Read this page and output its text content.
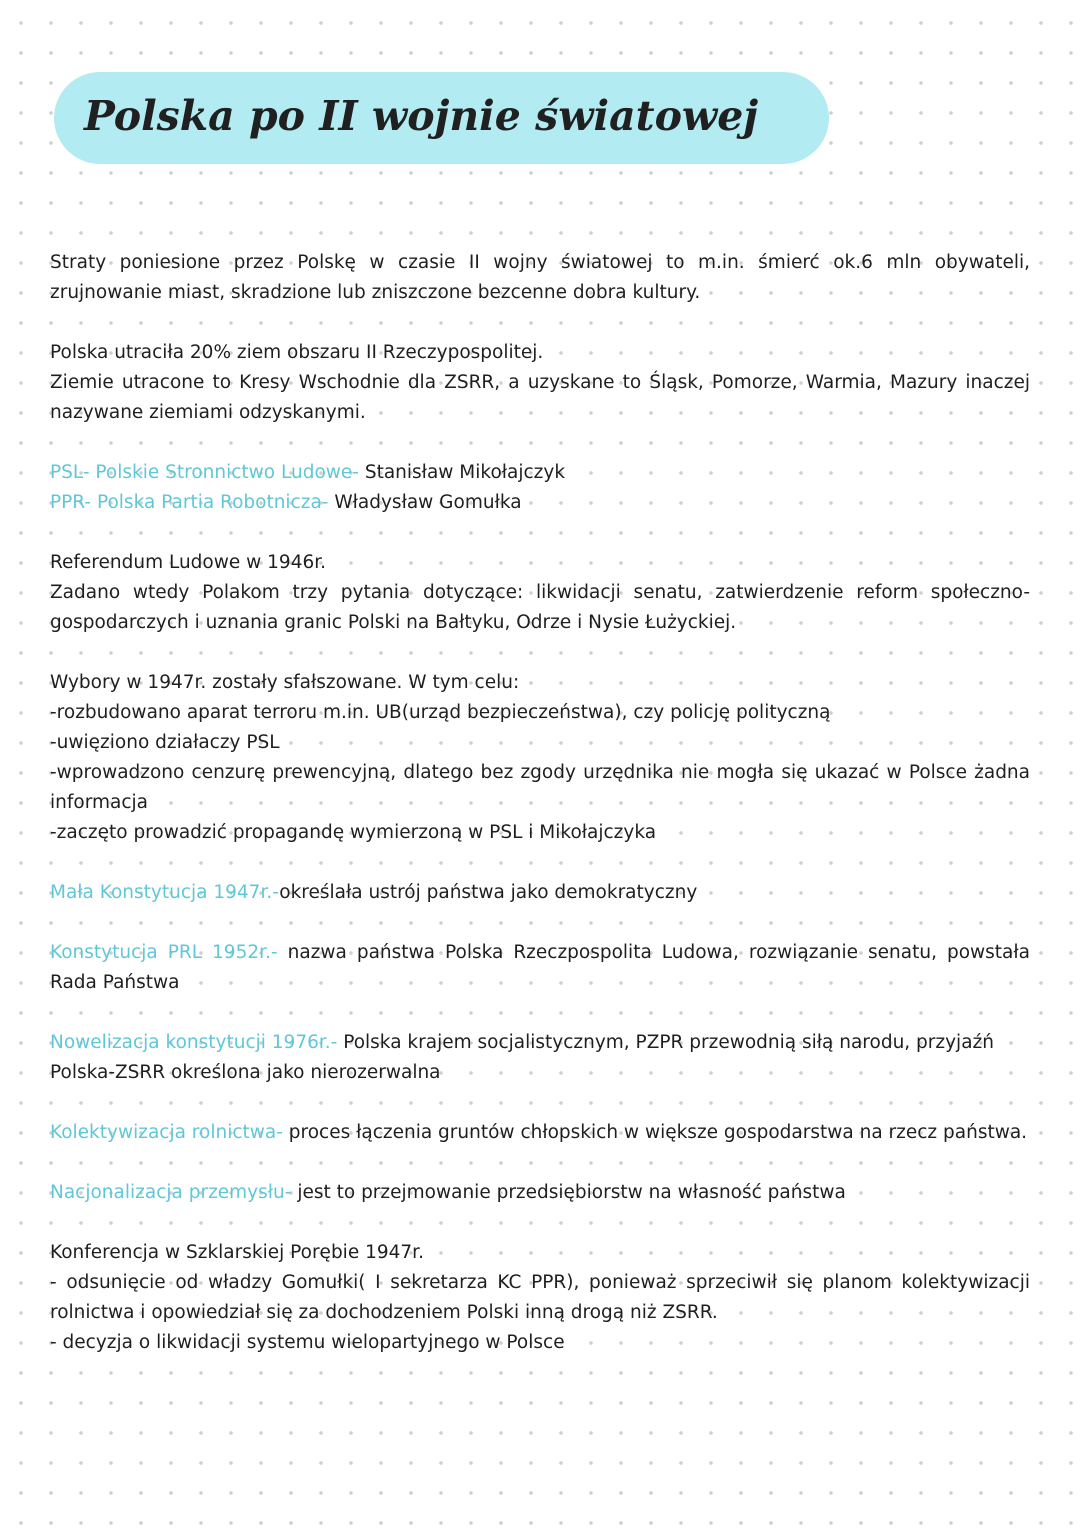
Polska po II wojnie światowej

Straty poniesione przez Polskę w czasie II wojny światowej to m.in. śmierć ok.6 mln obywateli, zrujnowanie miast, skradzione lub zniszczone bezcenne dobra kultury.

Polska utraciła 20% ziem obszaru II Rzeczypospolitej.
Ziemie utracone to Kresy Wschodnie dla ZSRR, a uzyskane to Śląsk, Pomorze, Warmia, Mazury inaczej nazywane ziemiami odzyskanymi.

PSL- Polskie Stronnictwo Ludowe- Stanisław Mikołajczyk
PPR- Polska Partia Robotnicza- Władysław Gomułka

Referendum Ludowe w 1946r.
Zadano wtedy Polakom trzy pytania dotyczące: likwidacji senatu, zatwierdzenie reform społeczno-gospodarczych i uznania granic Polski na Bałtyku, Odrze i Nysie Łużyckiej.

Wybory w 1947r. zostały sfałszowane. W tym celu:
-rozbudowano aparat terroru m.in. UB(urząd bezpieczeństwa), czy policję polityczną
-uwięziono działaczy PSL
-wprowadzono cenzurę prewencyjną, dlatego bez zgody urzędnika nie mogła się ukazać w Polsce żadna informacja
-zaczęto prowadzić propagandę wymierzoną w PSL i Mikołajczyka

Mała Konstytucja 1947r.-określała ustrój państwa jako demokratyczny

Konstytucja PRL 1952r.- nazwa państwa Polska Rzeczpospolita Ludowa, rozwiązanie senatu, powstała Rada Państwa

Nowelizacja konstytucji 1976r.- Polska krajem socjalistycznym, PZPR przewodnią siłą narodu, przyjaźń Polska-ZSRR określona jako nierozerwalna

Kolektywizacja rolnictwa- proces łączenia gruntów chłopskich w większe gospodarstwa na rzecz państwa.

Nacjonalizacja przemysłu- jest to przejmowanie przedsiębiorstw na własność państwa

Konferencja w Szklarskiej Porębie 1947r.
- odsunięcie od władzy Gomułki( I sekretarza KC PPR), ponieważ sprzeciwił się planom kolektywizacji rolnictwa i opowiedział się za dochodzeniem Polski inną drogą niż ZSRR.
- decyzja o likwidacji systemu wielopartyjnego w Polsce
